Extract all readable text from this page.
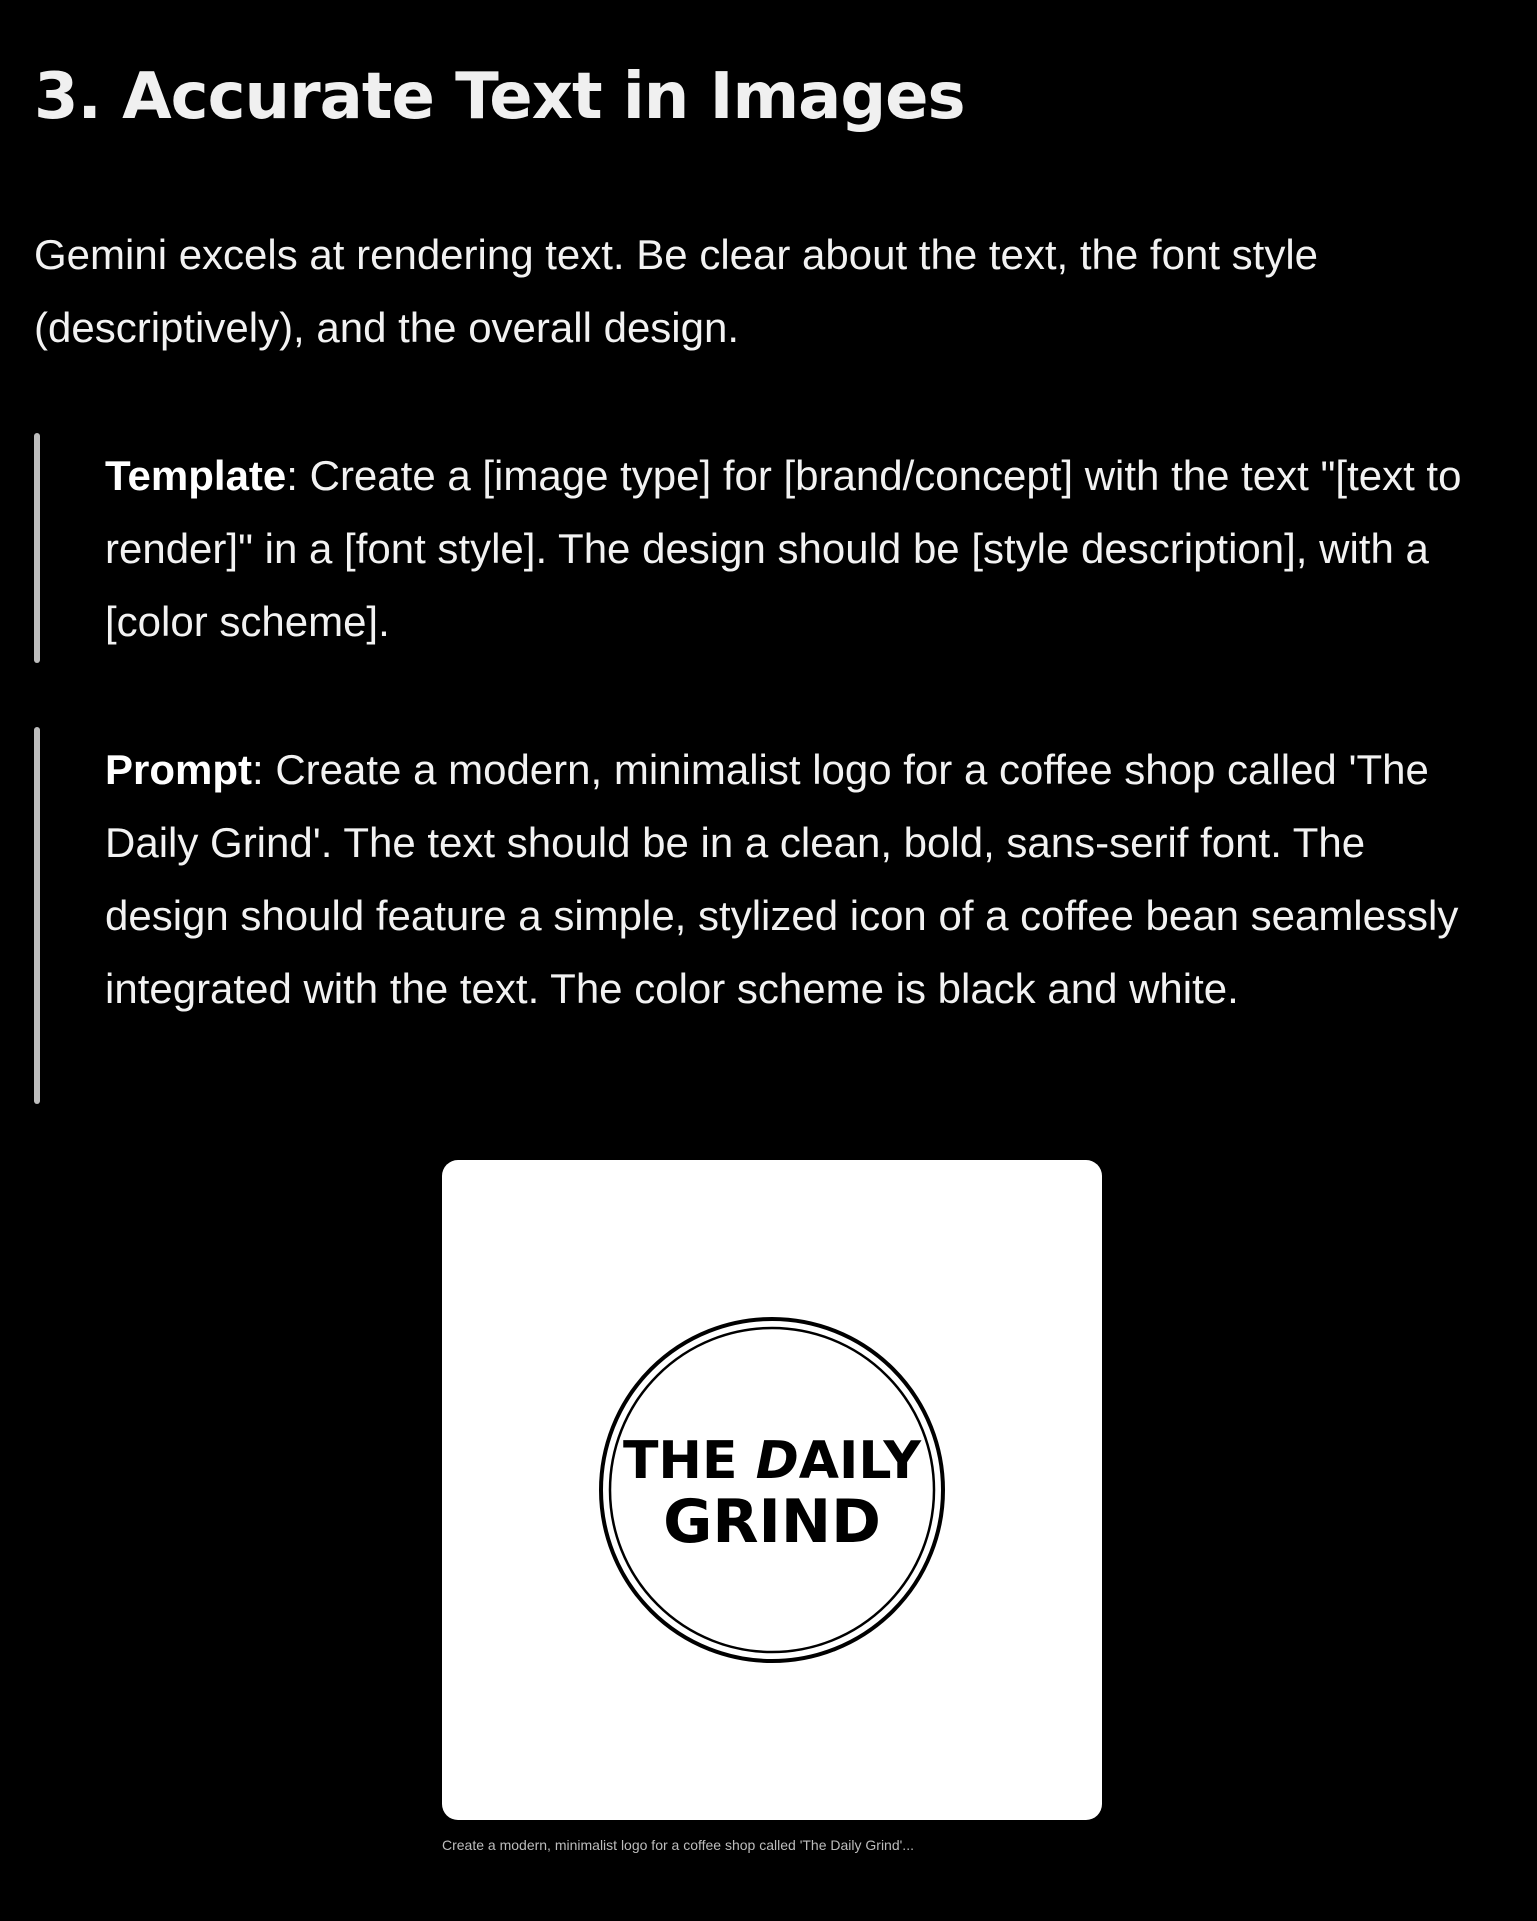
3. Accurate Text in Images

Gemini excels at rendering text. Be clear about the text, the font style (descriptively), and the overall design.

Template: Create a [image type] for [brand/concept] with the text "[text to render]" in a [font style]. The design should be [style description], with a [color scheme].

Prompt: Create a modern, minimalist logo for a coffee shop called 'The Daily Grind'. The text should be in a clean, bold, sans-serif font. The design should feature a simple, stylized icon of a coffee bean seamlessly integrated with the text. The color scheme is black and white.

THE DAILY
GRIND

Create a modern, minimalist logo for a coffee shop called 'The Daily Grind'...
